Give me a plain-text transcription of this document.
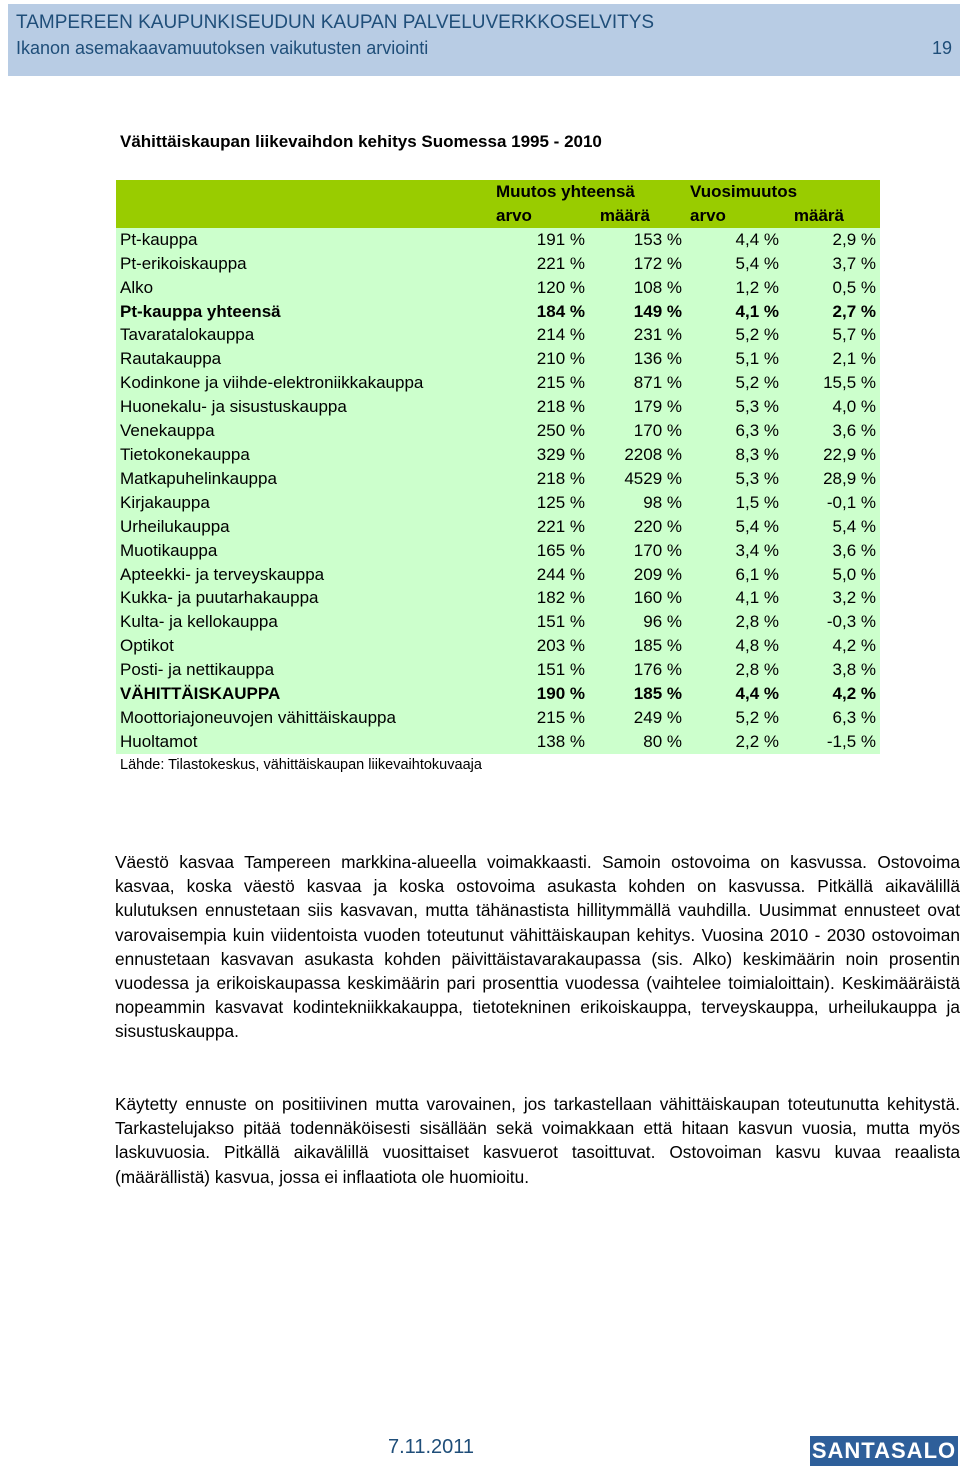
TAMPEREEN KAUPUNKISEUDUN KAUPAN PALVELUVERKKOSELVITYS
Ikanon asemakaavamuutoksen vaikutusten arviointi	19
Vähittäiskaupan liikevaihdon kehitys Suomessa 1995 - 2010
	Muutos yhteensä		Vuosimuutos	

	arvo määrä		arvo määrä	

Pt-kauppa	191 %	153 %	4,4 %	2,9 %
Pt-erikoiskauppa	221 %	172 %	5,4 %	3,7 %
Alko	120 %	108 %	1,2 %	0,5 %
Pt-kauppa yhteensä	184 %	149 %	4,1 %	2,7 %
Tavaratalokauppa	214 %	231 %	5,2 %	5,7 %
Rautakauppa	210 %	136 %	5,1 %	2,1 %
Kodinkone ja viihde-elektroniikkakauppa	215 %	871 %	5,2 %	15,5 %
Huonekalu- ja sisustuskauppa	218 %	179 %	5,3 %	4,0 %
Venekauppa	250 %	170 %	6,3 %	3,6 %
Tietokonekauppa	329 %	2208 %	8,3 %	22,9 %
Matkapuhelinkauppa	218 %	4529 %	5,3 %	28,9 %
Kirjakauppa	125 %	98 %	1,5 %	-0,1 %
Urheilukauppa	221 %	220 %	5,4 %	5,4 %
Muotikauppa	165 %	170 %	3,4 %	3,6 %
Apteekki- ja terveyskauppa	244 %	209 %	6,1 %	5,0 %
Kukka- ja puutarhakauppa	182 %	160 %	4,1 %	3,2 %
Kulta- ja kellokauppa	151 %	96 %	2,8 %	-0,3 %
Optikot	203 %	185 %	4,8 %	4,2 %
Posti- ja nettikauppa	151 %	176 %	2,8 %	3,8 %
VÄHITTÄISKAUPPA	190 %	185 %	4,4 %	4,2 %
Moottoriajoneuvojen vähittäiskauppa	215 %	249 %	5,2 %	6,3 %
Huoltamot	138 %	80 %	2,2 %	-1,5 %
Lähde: Tilastokeskus, vähittäiskaupan liikevaihtokuvaaja
Väestö kasvaa Tampereen markkina-alueella voimakkaasti. Samoin ostovoima on kasvussa. Ostovoima kasvaa, koska väestö kasvaa ja koska ostovoima asukasta kohden on kasvussa. Pitkällä aikavälillä kulutuksen ennustetaan siis kasvavan, mutta tähänastista hillitymmällä vauhdilla. Uusimmat ennusteet ovat varovaisempia kuin viidentoista vuoden toteutunut vähittäiskaupan kehitys. Vuosina 2010 - 2030 ostovoiman ennustetaan kasvavan asukasta kohden päivittäistavarakaupassa (sis. Alko) keskimäärin noin prosentin vuodessa ja erikoiskaupassa keskimäärin pari prosenttia vuodessa (vaihtelee toimialoittain). Keskimääräistä nopeammin kasvavat kodintekniikkakauppa, tietotekninen erikoiskauppa, terveyskauppa, urheilukauppa ja sisustuskauppa.
Käytetty ennuste on positiivinen mutta varovainen, jos tarkastellaan vähittäiskaupan toteutunutta kehitystä. Tarkastelujakso pitää todennäköisesti sisällään sekä voimakkaan että hitaan kasvun vuosia, mutta myös laskuvuosia. Pitkällä aikavälillä vuosittaiset kasvuerot tasoittuvat. Ostovoiman kasvu kuvaa reaalista (määrällistä) kasvua, jossa ei inflaatiota ole huomioitu.
7.11.2011	SANTASALO
